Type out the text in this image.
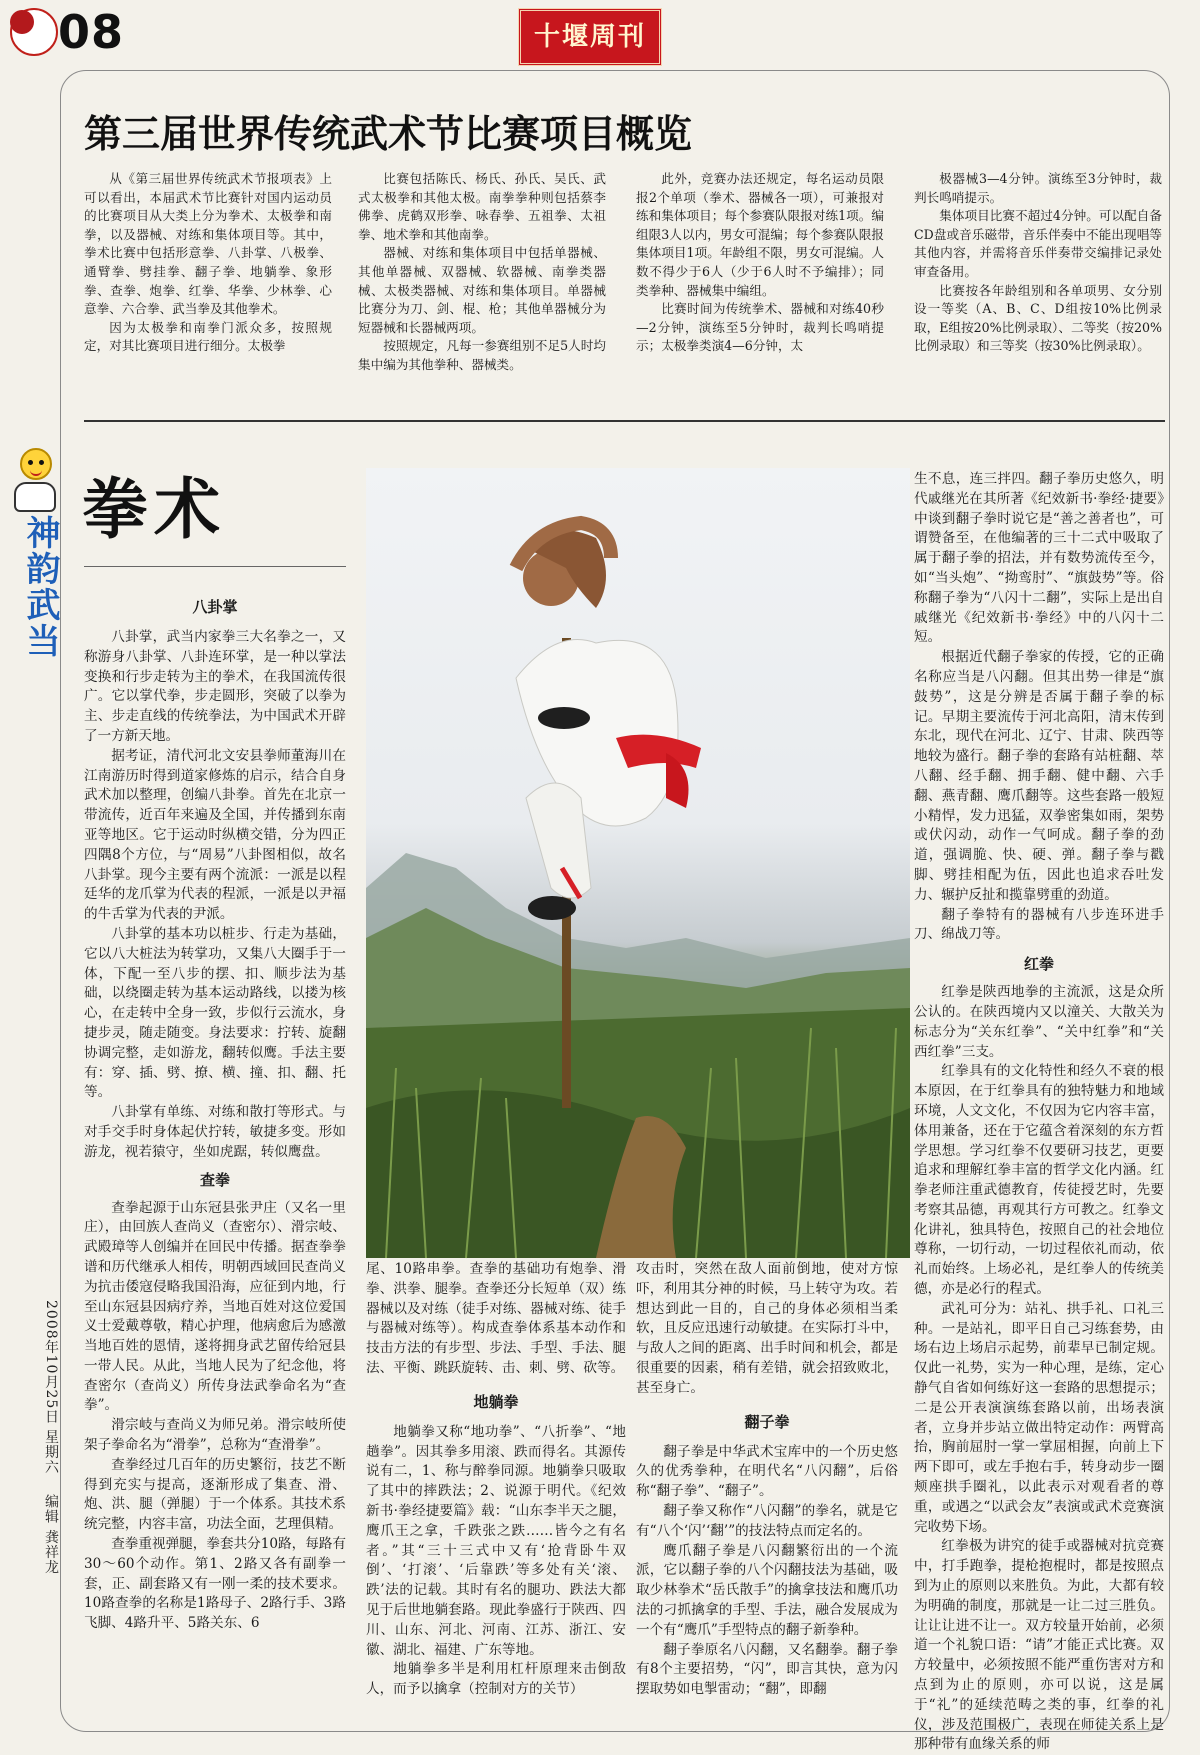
08	十堰周刊
神韵武当
2008年10月25日 星期六 编辑 龚祥龙
第三届世界传统武术节比赛项目概览

从《第三届世界传统武术节报项表》上可以看出，本届武术节比赛针对国内运动员的比赛项目从大类上分为拳术、太极拳和南拳，以及器械、对练和集体项目等。其中，拳术比赛中包括形意拳、八卦掌、八极拳、通臂拳、劈挂拳、翻子拳、地躺拳、象形拳、查拳、炮拳、红拳、华拳、少林拳、心意拳、六合拳、武当拳及其他拳术。

因为太极拳和南拳门派众多，按照规定，对其比赛项目进行细分。太极拳

比赛包括陈氏、杨氏、孙氏、吴氏、武式太极拳和其他太极。南拳拳种则包括蔡李佛拳、虎鹤双形拳、咏春拳、五祖拳、太祖拳、地术拳和其他南拳。

器械、对练和集体项目中包括单器械、其他单器械、双器械、软器械、南拳类器械、太极类器械、对练和集体项目。单器械比赛分为刀、剑、棍、枪；其他单器械分为短器械和长器械两项。

按照规定，凡每一参赛组别不足5人时均集中编为其他拳种、器械类。

此外，竞赛办法还规定，每名运动员限报2个单项（拳术、器械各一项），可兼报对练和集体项目；每个参赛队限报对练1项。编组限3人以内，男女可混编；每个参赛队限报集体项目1项。年龄组不限，男女可混编。人数不得少于6人（少于6人时不予编排）；同类拳种、器械集中编组。

比赛时间为传统拳术、器械和对练40秒—2分钟，演练至5分钟时，裁判长鸣哨提示；太极拳类演4—6分钟，太

极器械3—4分钟。演练至3分钟时，裁判长鸣哨提示。

集体项目比赛不超过4分钟。可以配自备CD盘或音乐磁带，音乐伴奏中不能出现唱等其他内容，并需将音乐伴奏带交编排记录处审查备用。

比赛按各年龄组别和各单项男、女分别设一等奖（A、B、C、D组按10%比例录取，E组按20%比例录取）、二等奖（按20%比例录取）和三等奖（按30%比例录取）。

拳术
八卦掌

八卦掌，武当内家拳三大名拳之一，又称游身八卦掌、八卦连环掌，是一种以掌法变换和行步走转为主的拳术，在我国流传很广。它以掌代拳，步走圆形，突破了以拳为主、步走直线的传统拳法，为中国武术开辟了一方新天地。

据考证，清代河北文安县拳师董海川在江南游历时得到道家修炼的启示，结合自身武术加以整理，创编八卦拳。首先在北京一带流传，近百年来遍及全国，并传播到东南亚等地区。它于运动时纵横交错，分为四正四隅8个方位，与“周易”八卦图相似，故名八卦掌。现今主要有两个流派：一派是以程廷华的龙爪掌为代表的程派，一派是以尹福的牛舌掌为代表的尹派。

八卦掌的基本功以桩步、行走为基础，它以八大桩法为转掌功，又集八大圈手于一体，下配一至八步的摆、扣、顺步法为基础，以绕圈走转为基本运动路线，以搂为核心，在走转中全身一致，步似行云流水，身捷步灵，随走随变。身法要求：拧转、旋翻协调完整，走如游龙，翻转似鹰。手法主要有：穿、插、劈、撩、横、撞、扣、翻、托等。

八卦掌有单练、对练和散打等形式。与对手交手时身体起伏拧转，敏捷多变。形如游龙，视若猿守，坐如虎踞，转似鹰盘。

查拳

查拳起源于山东冠县张尹庄（又名一里庄），由回族人查尚义（查密尔）、滑宗岐、武殿璋等人创编并在回民中传播。据查拳拳谱和历代继承人相传，明朝西域回民查尚义为抗击倭寇侵略我国沿海，应征到内地，行至山东冠县因病疗养，当地百姓对这位爱国义士爱戴尊敬，精心护理，他病愈后为感激当地百姓的恩情，遂将拥身武艺留传给冠县一带人民。从此，当地人民为了纪念他，将查密尔（查尚义）所传身法武拳命名为“查拳”。

滑宗岐与查尚义为师兄弟。滑宗岐所使架子拳命名为“滑拳”，总称为“查滑拳”。

查拳经过几百年的历史繁衍，技艺不断得到充实与提高，逐渐形成了集查、滑、炮、洪、腿（弹腿）于一个体系。其技术系统完整，内容丰富，功法全面，艺理俱精。

查拳重视弹腿，拳套共分10路，每路有30～60个动作。第1、2路又各有副拳一套，正、副套路又有一刚一柔的技术要求。10路查拳的名称是1路母子、2路行手、3路飞脚、4路升平、5路关东、6

尾、10路串拳。查拳的基础功有炮拳、滑拳、洪拳、腿拳。查拳还分长短单（双）练器械以及对练（徒手对练、器械对练、徒手与器械对练等）。构成查拳体系基本动作和技击方法的有步型、步法、手型、手法、腿法、平衡、跳跃旋转、击、刺、劈、砍等。

地躺拳

地躺拳又称“地功拳”、“八折拳”、“地趟拳”。因其拳多用滚、跌而得名。其源传说有二，1、称与醉拳同源。地躺拳只吸取了其中的摔跌法；2、说源于明代。《纪效新书·拳经捷要篇》载：“山东李半天之腿，鹰爪王之拿，千跌张之跌……皆今之有名者。”其“三十三式中又有‘抢背卧牛双倒’、‘打滚’、‘后靠跌’等多处有关‘滚、跌’法的记载。其时有名的腿功、跌法大都见于后世地躺套路。现此拳盛行于陕西、四川、山东、河北、河南、江苏、浙江、安徽、湖北、福建、广东等地。

地躺拳多半是利用杠杆原理来击倒敌人，而予以擒拿（控制对方的关节）

攻击时，突然在敌人面前倒地，使对方惊吓，利用其分神的时候，马上转守为攻。若想达到此一目的，自己的身体必须相当柔软，且反应迅速行动敏捷。在实际打斗中，与敌人之间的距离、出手时间和机会，都是很重要的因素，稍有差错，就会招致败北，甚至身亡。

翻子拳

翻子拳是中华武术宝库中的一个历史悠久的优秀拳种，在明代名“八闪翻”，后俗称“翻子拳”、“翻子”。

翻子拳又称作“八闪翻”的拳名，就是它有“八个‘闪’‘翻’”的技法特点而定名的。

鹰爪翻子拳是八闪翻繁衍出的一个流派，它以翻子拳的八个闪翻技法为基础，吸取少林拳术“岳氏散手”的擒拿技法和鹰爪功法的刁抓擒拿的手型、手法，融合发展成为一个有“鹰爪”手型特点的翻子新拳种。

翻子拳原名八闪翻，又名翻拳。翻子拳有8个主要招势，“闪”，即言其快，意为闪摆取势如电掣雷动；“翻”，即翻

生不息，连三拌四。翻子拳历史悠久，明代戚继光在其所著《纪效新书·拳经·捷要》中谈到翻子拳时说它是“善之善者也”，可谓赞备至，在他编著的三十二式中吸取了属于翻子拳的招法，并有数势流传至今，如“当头炮”、“拗鸾肘”、“旗鼓势”等。俗称翻子拳为“八闪十二翻”，实际上是出自戚继光《纪效新书·拳经》中的八闪十二短。

根据近代翻子拳家的传授，它的正确名称应当是八闪翻。但其出势一律是“旗鼓势”，这是分辨是否属于翻子拳的标记。早期主要流传于河北高阳，清末传到东北，现代在河北、辽宁、甘肃、陕西等地较为盛行。翻子拳的套路有站桩翻、萃八翻、经手翻、拥手翻、健中翻、六手翻、燕青翻、鹰爪翻等。这些套路一般短小精悍，发力迅猛，双拳密集如雨，架势或伏闪动，动作一气呵成。翻子拳的劲道，强调脆、快、硬、弹。翻子拳与戳脚、劈挂相配为伍，因此也追求吞吐发力、辗护反扯和揽靠劈重的劲道。

翻子拳特有的器械有八步连环进手刀、绵战刀等。

红拳

红拳是陕西地拳的主流派，这是众所公认的。在陕西境内又以潼关、大散关为标志分为“关东红拳”、“关中红拳”和“关西红拳”三支。

红拳具有的文化特性和经久不衰的根本原因，在于红拳具有的独特魅力和地域环境，人文文化，不仅因为它内容丰富，体用兼备，还在于它蕴含着深刻的东方哲学思想。学习红拳不仅要研习技艺，更要追求和理解红拳丰富的哲学文化内涵。红拳老师注重武德教育，传徒授艺时，先要考察其品德，再观其行方可教之。红拳文化讲礼，独具特色，按照自己的社会地位尊称，一切行动，一切过程依礼而动，依礼而始终。上场必礼，是红拳人的传统美德，亦是必行的程式。

武礼可分为：站礼、拱手礼、口礼三种。一是站礼，即平日自己习练套势，由场右边上场启示起势，前辈早已制定规。仅此一礼势，实为一种心理，是练，定心静气自省如何练好这一套路的思想提示；二是公开表演演练套路以前，出场表演者，立身并步站立做出特定动作：两臂高抬，胸前屈肘一掌一掌屈相握，向前上下两下即可，或左手抱右手，转身动步一圈颊座拱手圈礼，以此表示对观看者的尊重，或遇之“以武会友”表演或武术竞赛演完收势下场。

红拳极为讲究的徒手或器械对抗竞赛中，打手跑拳，提枪抱棍时，都是按照点到为止的原则以来胜负。为此，大都有较为明确的制度，那就是一让二过三胜负。让让让进不让一。双方较量开始前，必须道一个礼貌口语：“请”才能正式比赛。双方较量中，必须按照不能严重伤害对方和点到为止的原则，亦可以说，这是属于“礼”的延续范畴之类的事，红拳的礼仪，涉及范围极广，表现在师徒关系上是那种带有血缘关系的师
